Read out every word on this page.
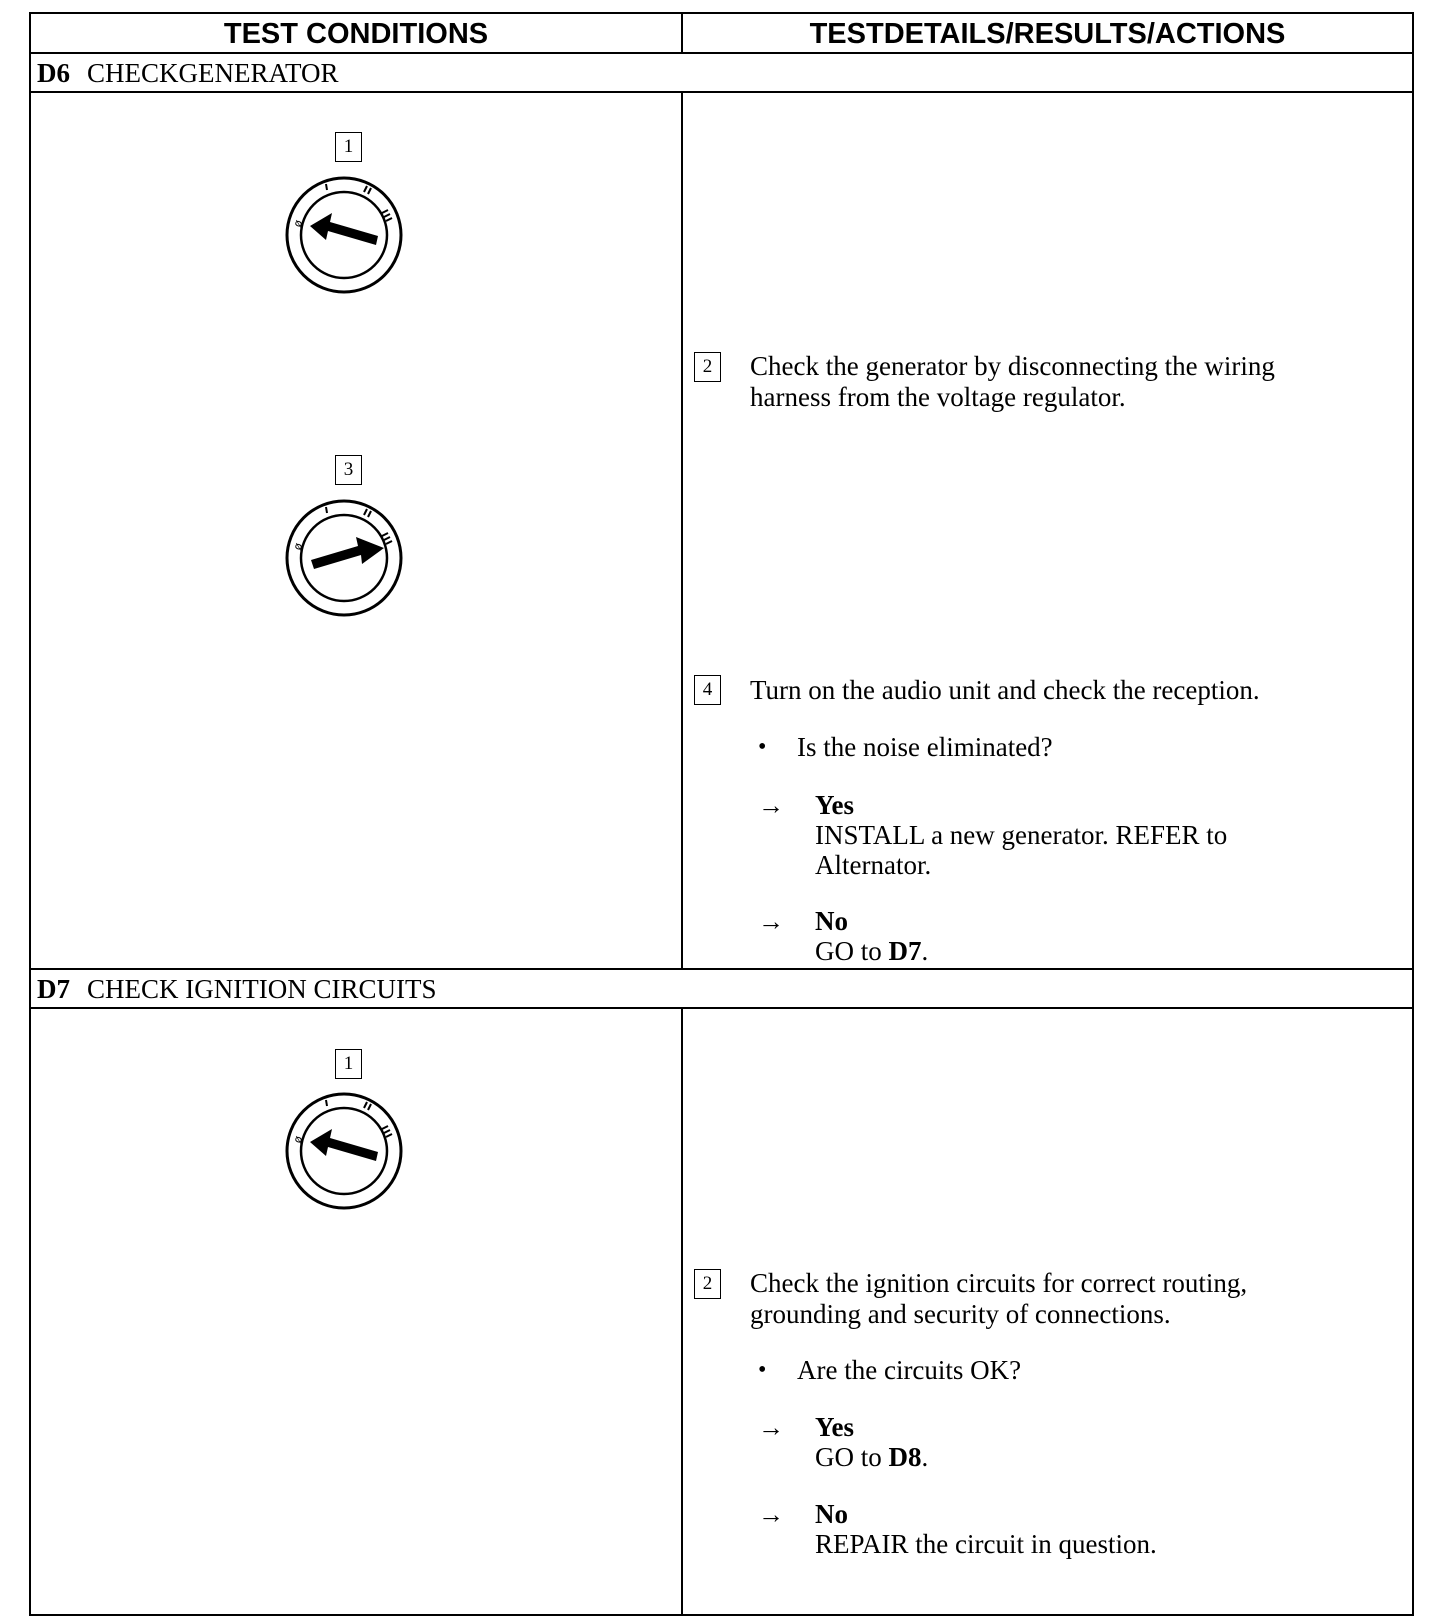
TEST CONDITIONS	TESTDETAILS/RESULTS/ACTIONS
D6 CHECKGENERATOR
1
3
2	Check the generator by disconnecting the wiring harness from the voltage regulator.
4	Turn on the audio unit and check the reception.
• Is the noise eliminated?
→ Yes
INSTALL a new generator. REFER to Alternator.
→ No
GO to D7.
D7 CHECK IGNITION CIRCUITS
1
2	Check the ignition circuits for correct routing, grounding and security of connections.
• Are the circuits OK?
→ Yes
GO to D8.
→ No
REPAIR the circuit in question.
